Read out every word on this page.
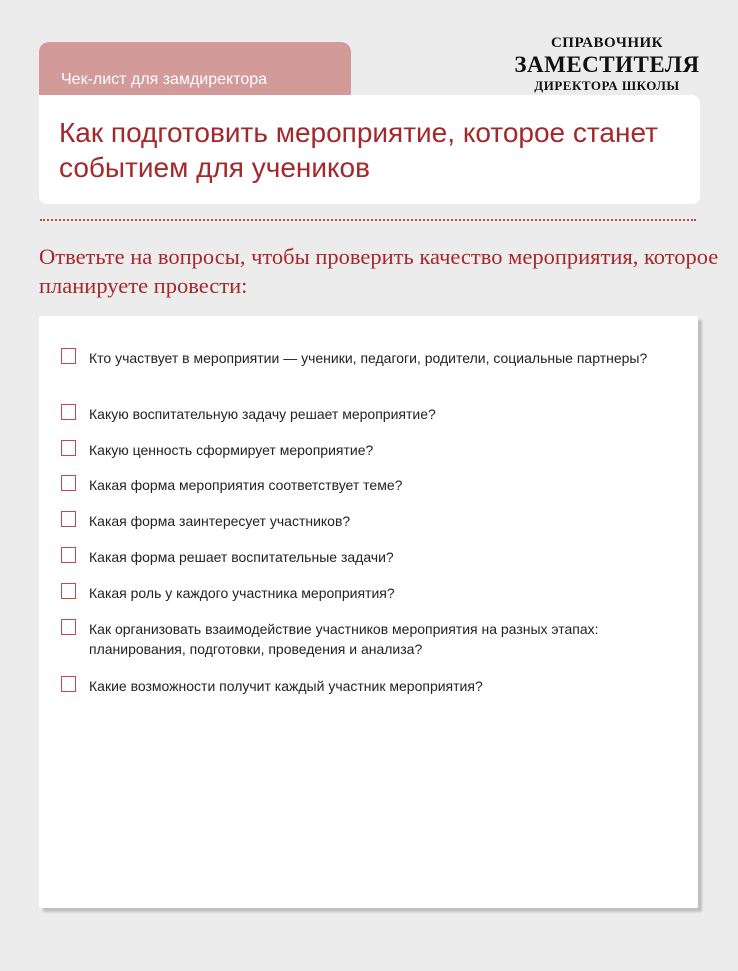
Чек-лист для замдиректора
СПРАВОЧНИК
ЗАМЕСТИТЕЛЯ
ДИРЕКТОРА ШКОЛЫ
Как подготовить мероприятие, которое станет событием для учеников

Ответьте на вопросы, чтобы проверить качество мероприятия, которое планируете провести:

Кто участвует в мероприятии — ученики, педагоги, родители, социальные партнеры?
Какую воспитательную задачу решает мероприятие?
Какую ценность сформирует мероприятие?
Какая форма мероприятия соответствует теме?
Какая форма заинтересует участников?
Какая форма решает воспитательные задачи?
Какая роль у каждого участника мероприятия?
Как организовать взаимодействие участников мероприятия на разных этапах: планирования, подготовки, проведения и анализа?
Какие возможности получит каждый участник мероприятия?
